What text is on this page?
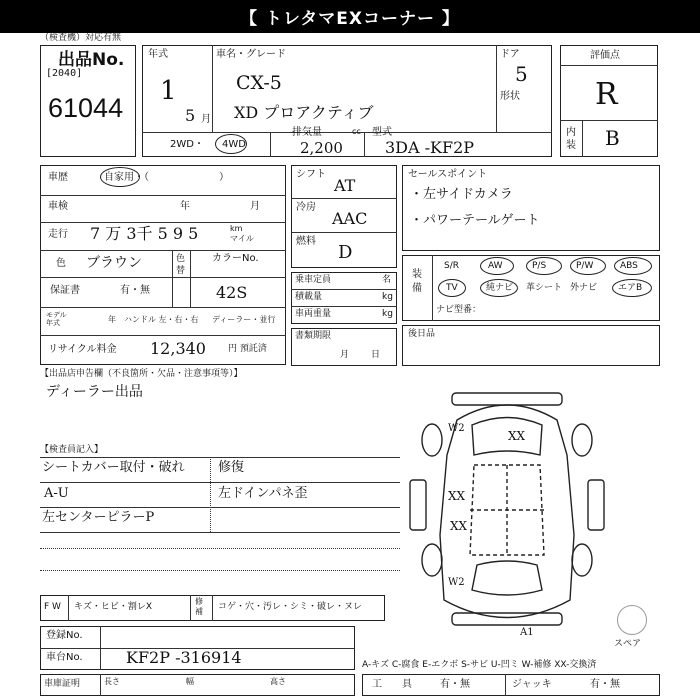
【 トレタマEXコーナー 】
（検査機）対応有無
出品No.
[2040]
61044
年式
1
5 月
車名・グレード
CX-5
XD プロアクティブ
ドア
5
形状
2WD・ 4WD
排気量	cc
2,200
型式
3DA -KF2P
評価点
R
内
装 B
車歴	自家用・（　　　　　　　）
車検	年	月
走行 7 万 3千 5 9 5	km
マイル
色 ブラウン	色
替
カラーNo.
42S
保証書	有・無
モデル
年式	年 ハンドル 左・右・右 ディーラー・並行
リサイクル料金 12,340 円 預託済
シフト
AT
冷房
AAC
燃料
D
乗車定員	名
積載量	kg
車両重量	kg
書類期限
月日
セールスポイント
・左サイドカメラ
・パワーテールゲート
装
備
S/R	AW	P/S	P/W	ABS
TV	純ナビ 革シート 外ナビ エアB
ナビ型番：
後日品
【出品店申告欄（不良箇所・欠品・注意事項等）】
ディーラー出品
【検査員記入】
シートカバー取付・破れ	修復
A-U	左ドインパネ歪
左センターピラーP
F W キズ・ヒビ・割レX
修
補 コゲ・穴・汚レ・シミ・破レ・ヌレ
登録No.
車台No.	KF2P -316914
車庫証明	長さ	幅	高さ
A-キズ C-腐食 E-エクボ S-サビ U-凹ミ W-補修 XX-交換済
工　　具	有・無	ジャッキ	有・無
スペア
W2
XX
XX
XX
W2
A1
